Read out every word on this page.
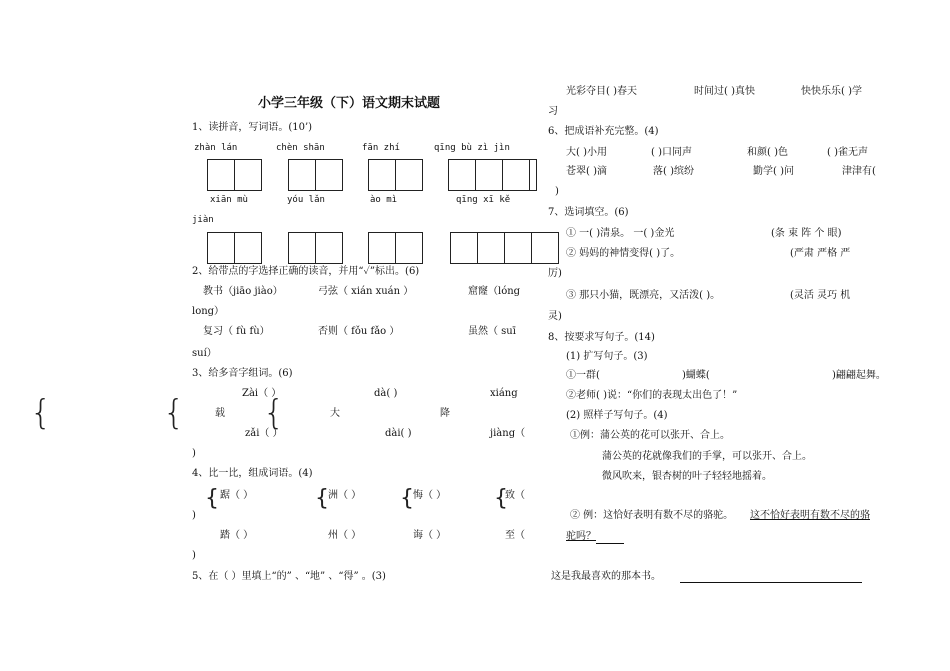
小学三年级（下）语文期末试题
1、读拼音，写词语。(10’)
zhàn lán	chèn shān	fān zhí	qīng bù zì jìn
xiān mù	yóu lǎn	ào mì	qīng xī kě
jiàn
2、给带点的字选择正确的读音，并用“✓”标出。(6)
教书（jiāo jiào）	弓弦（ xián xuán ）	窟窿（lóng
long）
复习（ fù fù）	否则（ fǒu fǎo ）	虽然（ suī
suí）
3、给多音字组词。(6)
{	{ {
Zài（ ）	dà( )	xiáng
载	大	降
zǎi（ ）	dài( )	jiàng（
)
4、比一比，组成词语。(4)
{	{	{	{
踞（ ）	洲（ ）	悔（ ）	致（
)
踏（ ）	州（ ）	诲（ ）	至（
)
5、在（ ）里填上“的” 、“地” 、“得” 。(3)
光彩夺目( )春天	时间过( )真快	快快乐乐( )学
习
6、把成语补充完整。(4)
大( )小用	( )口同声	和颜( )色	( )雀无声
苍翠( )滴	落( )缤纷	勤学( )问	津津有(
)
7、选词填空。(6)
① 一( )清泉。 一( )金光	(条 束 阵 个 眼)
② 妈妈的神情变得( )了。	(严肃 严格 严
厉)
③ 那只小猫，既漂亮，又活泼( )。	(灵活 灵巧 机
灵)
8、按要求写句子。(14)
(1) 扩写句子。(3)
①一群(	)蝴蝶(	)翩翩起舞。
②老师( )说：“你们的表现太出色了！”
(2) 照样子写句子。(4)
①例：蒲公英的花可以张开、合上。
蒲公英的花就像我们的手掌，可以张开、合上。
微风吹来，银杏树的叶子轻轻地摇着。
② 例：这恰好表明有数不尽的骆驼。 这不恰好表明有数不尽的骆
驼吗？
这是我最喜欢的那本书。
